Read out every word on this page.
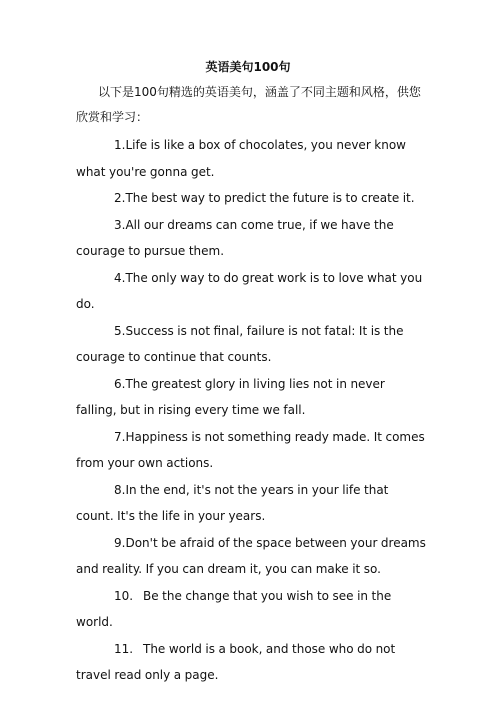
英语美句100句
以下是100句精选的英语美句，涵盖了不同主题和风格，供您欣赏和学习：
1.Life is like a box of chocolates, you never know what you're gonna get.
2.The best way to predict the future is to create it.
3.All our dreams can come true, if we have the courage to pursue them.
4.The only way to do great work is to love what you do.
5.Success is not final, failure is not fatal: It is the courage to continue that counts.
6.The greatest glory in living lies not in never falling, but in rising every time we fall.
7.Happiness is not something ready made. It comes from your own actions.
8.In the end, it's not the years in your life that count. It's the life in your years.
9.Don't be afraid of the space between your dreams and reality. If you can dream it, you can make it so.
10. Be the change that you wish to see in the world.
11. The world is a book, and those who do not travel read only a page.
